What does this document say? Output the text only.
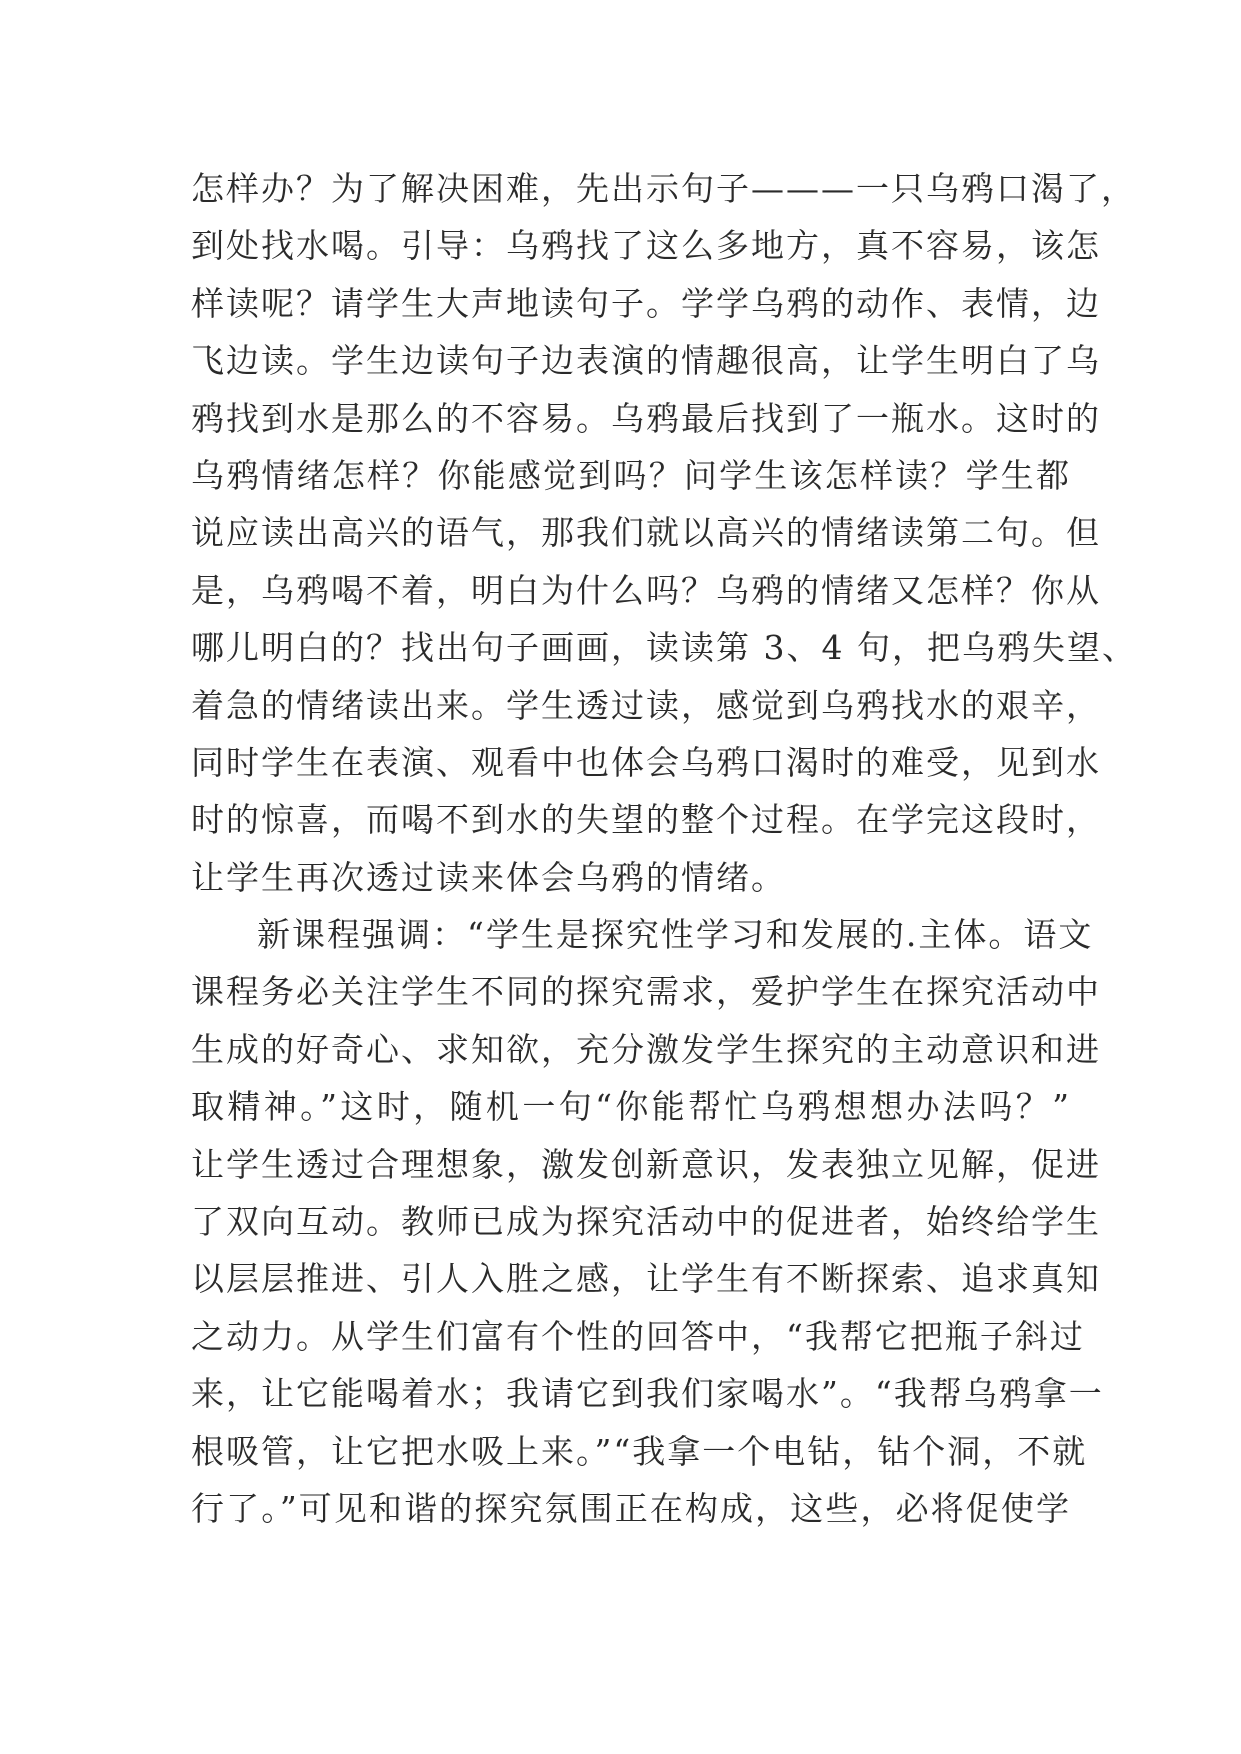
怎样办？为了解决困难，先出示句子———一只乌鸦口渴了，
到处找水喝。引导：乌鸦找了这么多地方，真不容易，该怎
样读呢？请学生大声地读句子。学学乌鸦的动作、表情，边
飞边读。学生边读句子边表演的情趣很高，让学生明白了乌
鸦找到水是那么的不容易。乌鸦最后找到了一瓶水。这时的
乌鸦情绪怎样？你能感觉到吗？问学生该怎样读？学生都
说应读出高兴的语气，那我们就以高兴的情绪读第二句。但
是，乌鸦喝不着，明白为什么吗？乌鸦的情绪又怎样？你从
哪儿明白的？找出句子画画，读读第 3、4 句，把乌鸦失望、
着急的情绪读出来。学生透过读，感觉到乌鸦找水的艰辛，
同时学生在表演、观看中也体会乌鸦口渴时的难受，见到水
时的惊喜，而喝不到水的失望的整个过程。在学完这段时，
让学生再次透过读来体会乌鸦的情绪。
新课程强调：“学生是探究性学习和发展的.主体。语文
课程务必关注学生不同的探究需求，爱护学生在探究活动中
生成的好奇心、求知欲，充分激发学生探究的主动意识和进
取精神。”这时，随机一句“你能帮忙乌鸦想想办法吗？”
让学生透过合理想象，激发创新意识，发表独立见解，促进
了双向互动。教师已成为探究活动中的促进者，始终给学生
以层层推进、引人入胜之感，让学生有不断探索、追求真知
之动力。从学生们富有个性的回答中，“我帮它把瓶子斜过
来，让它能喝着水；我请它到我们家喝水”。“我帮乌鸦拿一
根吸管，让它把水吸上来。”“我拿一个电钻，钻个洞，不就
行了。”可见和谐的探究氛围正在构成，这些，必将促使学
